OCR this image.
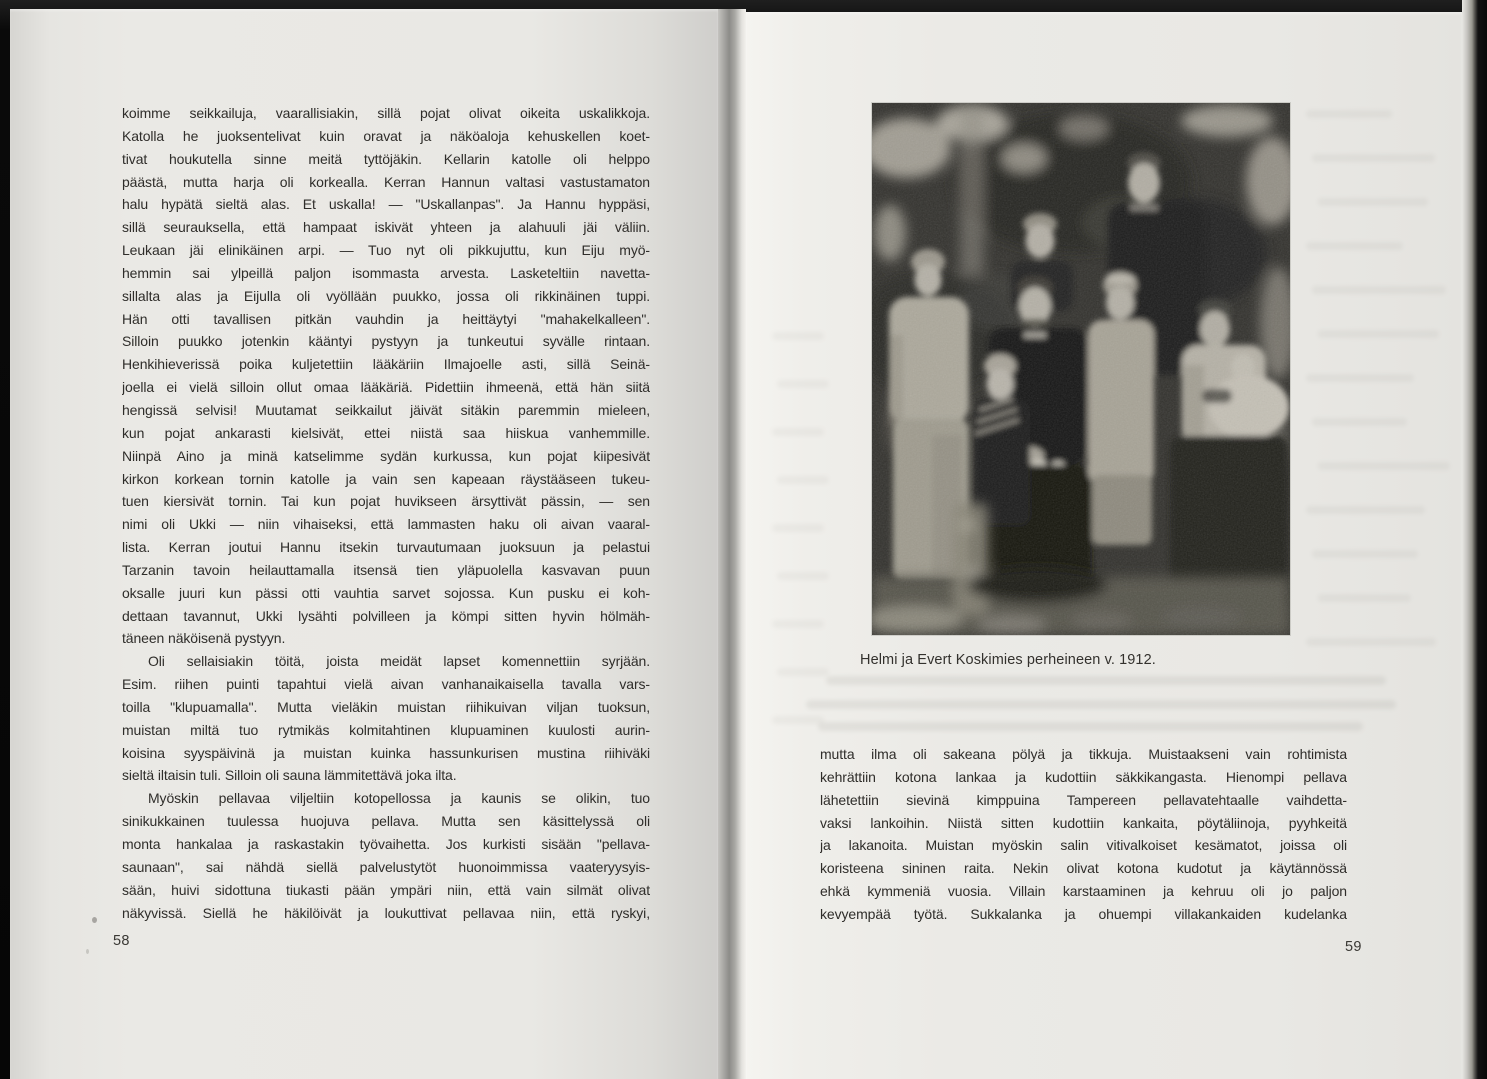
koimme seikkailuja, vaarallisiakin, sillä pojat olivat oikeita uskalikkoja.
Katolla he juoksentelivat kuin oravat ja näköaloja kehuskellen koet-
tivat houkutella sinne meitä tyttöjäkin. Kellarin katolle oli helppo
päästä, mutta harja oli korkealla. Kerran Hannun valtasi vastustamaton
halu hypätä sieltä alas. Et uskalla! — "Uskallanpas". Ja Hannu hyppäsi,
sillä seurauksella, että hampaat iskivät yhteen ja alahuuli jäi väliin.
Leukaan jäi elinikäinen arpi. — Tuo nyt oli pikkujuttu, kun Eiju myö-
hemmin sai ylpeillä paljon isommasta arvesta. Lasketeltiin navetta-
sillalta alas ja Eijulla oli vyöllään puukko, jossa oli rikkinäinen tuppi.
Hän otti tavallisen pitkän vauhdin ja heittäytyi "mahakelkalleen".
Silloin puukko jotenkin kääntyi pystyyn ja tunkeutui syvälle rintaan.
Henkihieverissä poika kuljetettiin lääkäriin Ilmajoelle asti, sillä Seinä-
joella ei vielä silloin ollut omaa lääkäriä. Pidettiin ihmeenä, että hän siitä
hengissä selvisi! Muutamat seikkailut jäivät sitäkin paremmin mieleen,
kun pojat ankarasti kielsivät, ettei niistä saa hiiskua vanhemmille.
Niinpä Aino ja minä katselimme sydän kurkussa, kun pojat kiipesivät
kirkon korkean tornin katolle ja vain sen kapeaan räystääseen tukeu-
tuen kiersivät tornin. Tai kun pojat huvikseen ärsyttivät pässin, — sen
nimi oli Ukki — niin vihaiseksi, että lammasten haku oli aivan vaaral-
lista. Kerran joutui Hannu itsekin turvautumaan juoksuun ja pelastui
Tarzanin tavoin heilauttamalla itsensä tien yläpuolella kasvavan puun
oksalle juuri kun pässi otti vauhtia sarvet sojossa. Kun pusku ei koh-
dettaan tavannut, Ukki lysähti polvilleen ja kömpi sitten hyvin hölmäh-
täneen näköisenä pystyyn.
Oli sellaisiakin töitä, joista meidät lapset komennettiin syrjään.
Esim. riihen puinti tapahtui vielä aivan vanhanaikaisella tavalla vars-
toilla "klupuamalla". Mutta vieläkin muistan riihikuivan viljan tuoksun,
muistan miltä tuo rytmikäs kolmitahtinen klupuaminen kuulosti aurin-
koisina syyspäivinä ja muistan kuinka hassunkurisen mustina riihiväki
sieltä iltaisin tuli. Silloin oli sauna lämmitettävä joka ilta.
Myöskin pellavaa viljeltiin kotopellossa ja kaunis se olikin, tuo
sinikukkainen tuulessa huojuva pellava. Mutta sen käsittelyssä oli
monta hankalaa ja raskastakin työvaihetta. Jos kurkisti sisään "pellava-
saunaan", sai nähdä siellä palvelustytöt huonoimmissa vaateryysyis-
sään, huivi sidottuna tiukasti pään ympäri niin, että vain silmät olivat
näkyvissä. Siellä he häkilöivät ja loukuttivat pellavaa niin, että ryskyi,
58
Helmi ja Evert Koskimies perheineen v. 1912.
mutta ilma oli sakeana pölyä ja tikkuja. Muistaakseni vain rohtimista
kehrättiin kotona lankaa ja kudottiin säkkikangasta. Hienompi pellava
lähetettiin sievinä kimppuina Tampereen pellavatehtaalle vaihdetta-
vaksi lankoihin. Niistä sitten kudottiin kankaita, pöytäliinoja, pyyhkeitä
ja lakanoita. Muistan myöskin salin vitivalkoiset kesämatot, joissa oli
koristeena sininen raita. Nekin olivat kotona kudotut ja käytännössä
ehkä kymmeniä vuosia. Villain karstaaminen ja kehruu oli jo paljon
kevyempää työtä. Sukkalanka ja ohuempi villakankaiden kudelanka
59
